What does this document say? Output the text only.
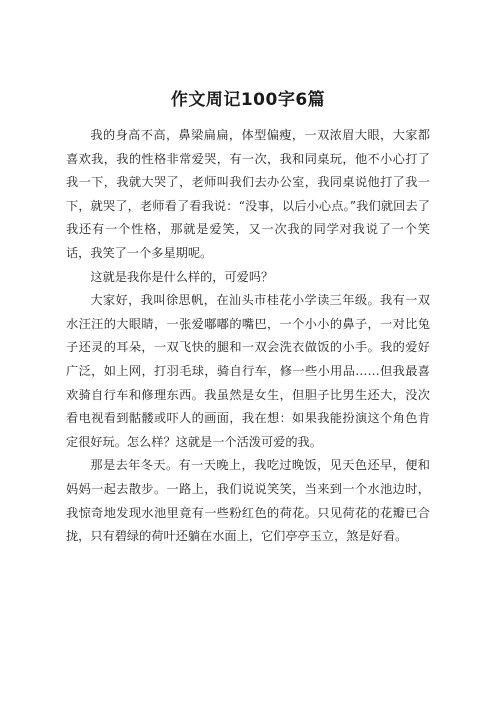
作文周记100字6篇

我的身高不高，鼻梁扁扁，体型偏瘦，一双浓眉大眼，大家都喜欢我，我的性格非常爱哭，有一次，我和同桌玩，他不小心打了我一下，我就大哭了，老师叫我们去办公室，我同桌说他打了我一下，就哭了，老师看了看我说：“没事，以后小心点。”我们就回去了我还有一个性格，那就是爱笑，又一次我的同学对我说了一个笑话，我笑了一个多星期呢。

这就是我你是什么样的，可爱吗？

大家好，我叫徐思帆，在汕头市桂花小学读三年级。我有一双水汪汪的大眼睛，一张爱嘟嘟的嘴巴，一个小小的鼻子，一对比兔子还灵的耳朵，一双飞快的腿和一双会洗衣做饭的小手。我的爱好广泛，如上网，打羽毛球，骑自行车，修一些小用品……但我最喜欢骑自行车和修理东西。我虽然是女生，但胆子比男生还大，没次看电视看到骷髅或吓人的画面，我在想：如果我能扮演这个角色肯定很好玩。怎么样？这就是一个活泼可爱的我。

那是去年冬天。有一天晚上，我吃过晚饭，见天色还早，便和妈妈一起去散步。一路上，我们说说笑笑，当来到一个水池边时，我惊奇地发现水池里竟有一些粉红色的荷花。只见荷花的花瓣已合拢，只有碧绿的荷叶还躺在水面上，它们亭亭玉立，煞是好看。
